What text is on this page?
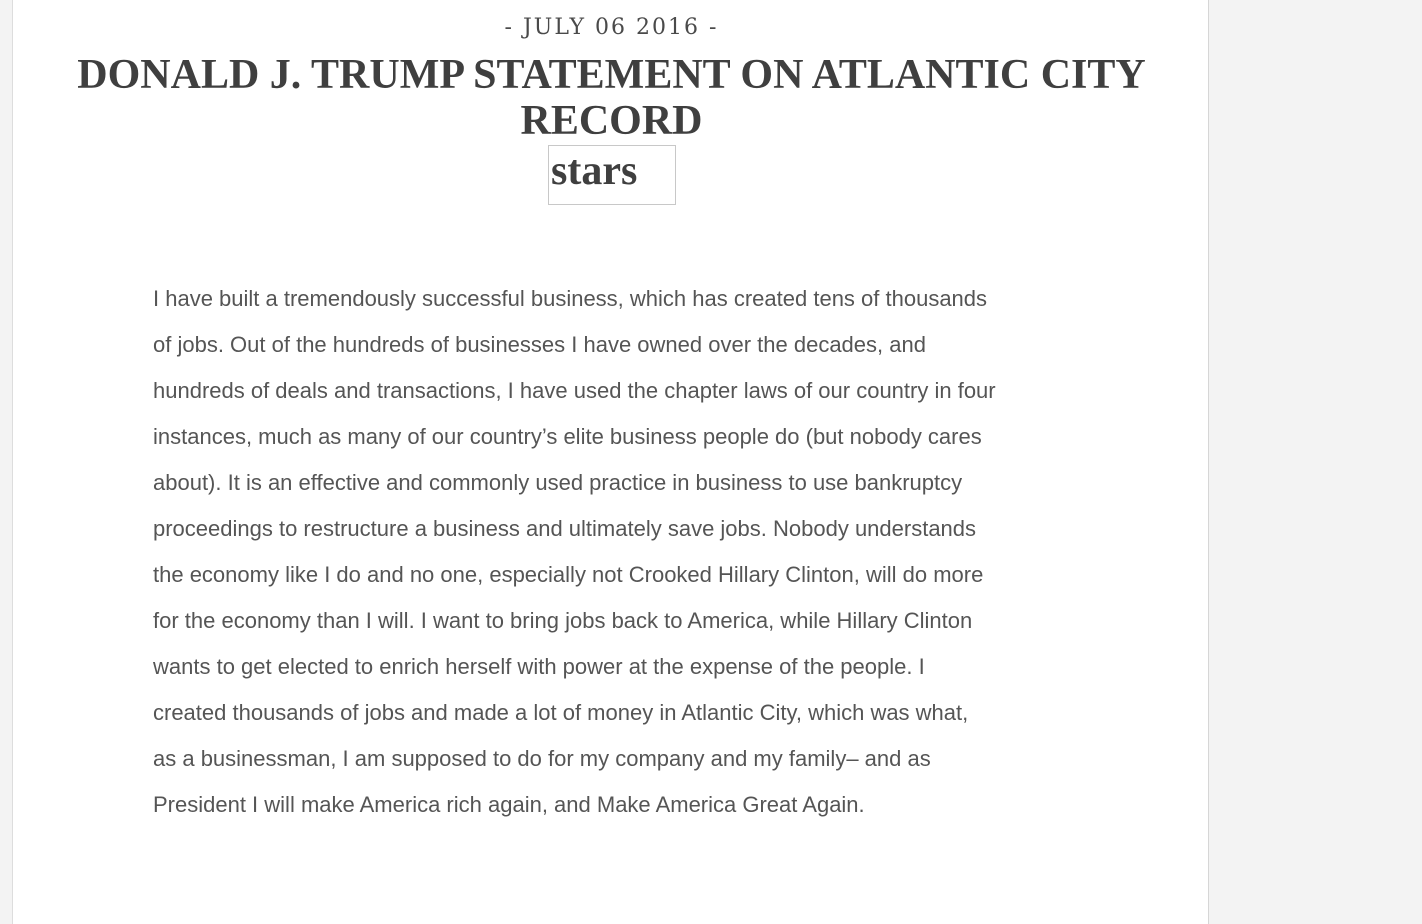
- JULY 06 2016 -
DONALD J. TRUMP STATEMENT ON ATLANTIC CITY RECORD
stars
I have built a tremendously successful business, which has created tens of thousands
of jobs. Out of the hundreds of businesses I have owned over the decades, and
hundreds of deals and transactions, I have used the chapter laws of our country in four
instances, much as many of our country’s elite business people do (but nobody cares
about). It is an effective and commonly used practice in business to use bankruptcy
proceedings to restructure a business and ultimately save jobs. Nobody understands
the economy like I do and no one, especially not Crooked Hillary Clinton, will do more
for the economy than I will. I want to bring jobs back to America, while Hillary Clinton
wants to get elected to enrich herself with power at the expense of the people. I
created thousands of jobs and made a lot of money in Atlantic City, which was what,
as a businessman, I am supposed to do for my company and my family– and as
President I will make America rich again, and Make America Great Again.
